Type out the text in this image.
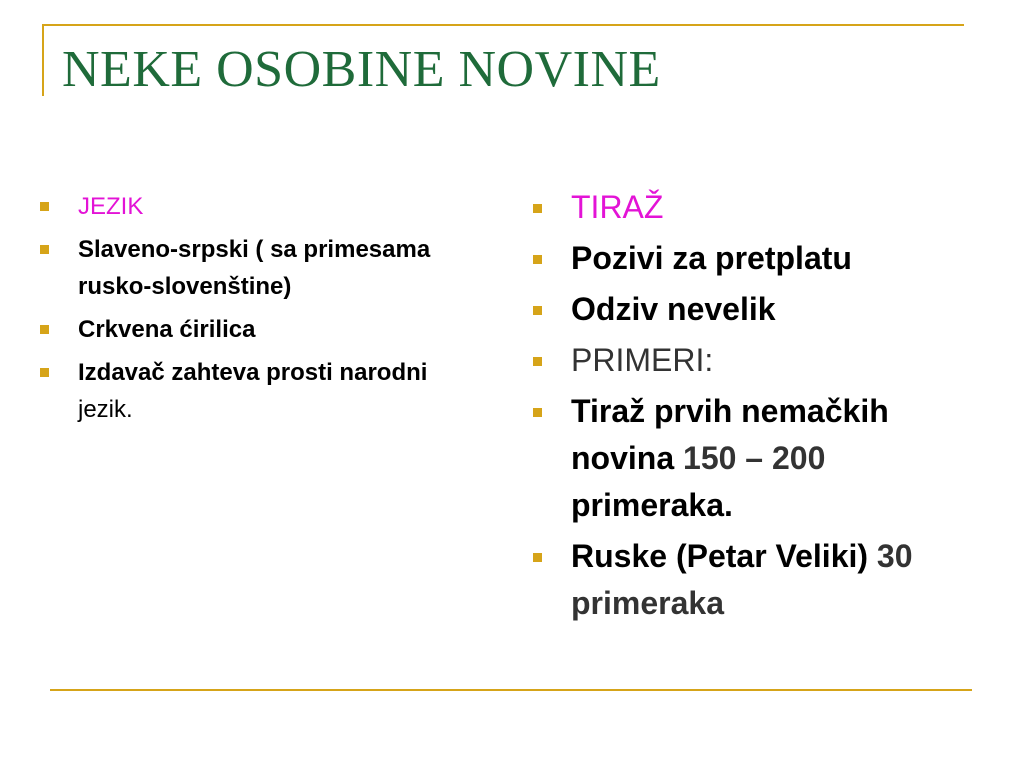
NEKE OSOBINE NOVINE
JEZIK
Slaveno-srpski ( sa primesama rusko-slovenštine)
Crkvena ćirilica
Izdavač zahteva prosti narodni jezik.
TIRAŽ
Pozivi za pretplatu
Odziv nevelik
PRIMERI:
Tiraž prvih nemačkih novina 150 – 200 primeraka.
Ruske (Petar Veliki) 30 primeraka
